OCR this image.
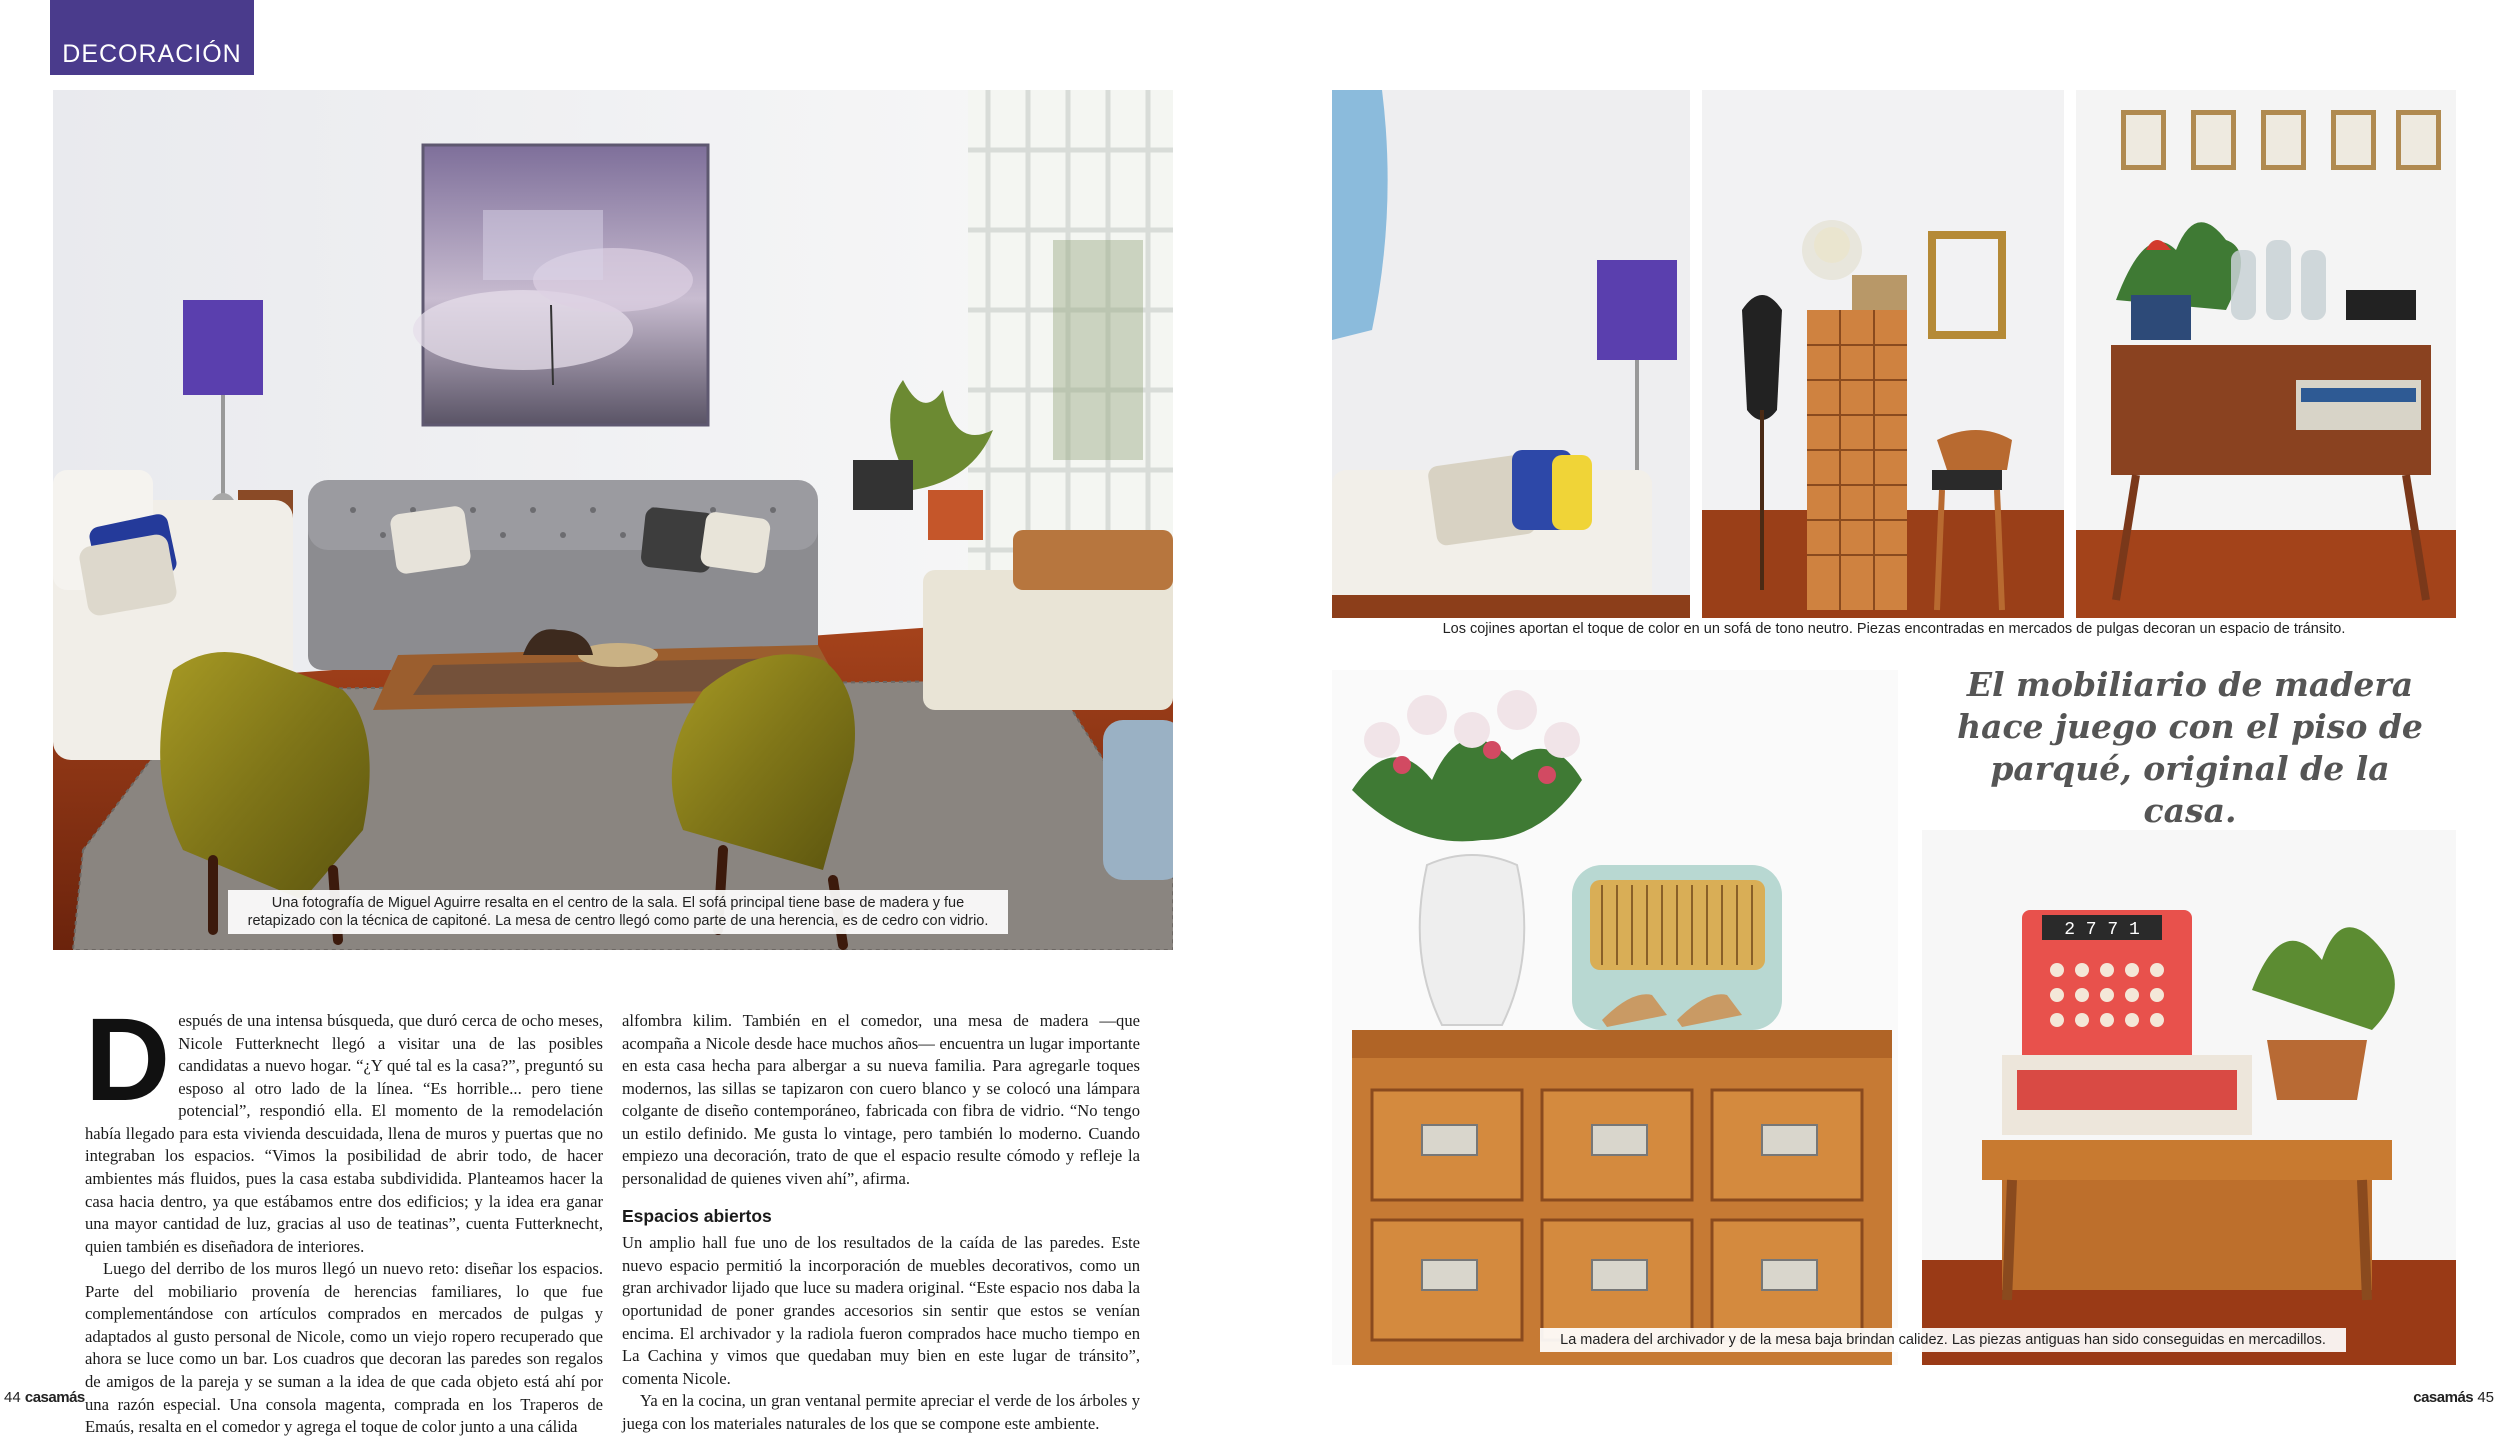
DECORACIÓN
Una fotografía de Miguel Aguirre resalta en el centro de la sala. El sofá principal tiene base de madera y fue retapizado con la técnica de capitoné. La mesa de centro llegó como parte de una herencia, es de cedro con vidrio.
Los cojines aportan el toque de color en un sofá de tono neutro. Piezas encontradas en mercados de pulgas decoran un espacio de tránsito.
El mobiliario de madera hace juego con el piso de parqué, original de la casa.
2 7 7 1
La madera del archivador y de la mesa baja brindan calidez. Las piezas antiguas han sido conseguidas en mercadillos.
D espués de una intensa búsqueda, que duró cerca de ocho meses, Nicole Futterknecht llegó a visitar una de las posibles candidatas a nuevo hogar. “¿Y qué tal es la casa?”, preguntó su esposo al otro lado de la línea. “Es horrible... pero tiene potencial”, respondió ella. El momento de la remodelación había llegado para esta vivienda descuidada, llena de muros y puertas que no integraban los espacios. “Vimos la posibilidad de abrir todo, de hacer ambientes más fluidos, pues la casa estaba subdividida. Planteamos hacer la casa hacia dentro, ya que estábamos entre dos edificios; y la idea era ganar una mayor cantidad de luz, gracias al uso de teatinas”, cuenta Futterknecht, quien también es diseñadora de interiores.

Luego del derribo de los muros llegó un nuevo reto: diseñar los espacios. Parte del mobiliario provenía de herencias familiares, lo que fue complementándose con artículos comprados en mercados de pulgas y adaptados al gusto personal de Nicole, como un viejo ropero recuperado que ahora se luce como un bar. Los cuadros que decoran las paredes son regalos de amigos de la pareja y se suman a la idea de que cada objeto está ahí por una razón especial. Una consola magenta, comprada en los Traperos de Emaús, resalta en el comedor y agrega el toque de color junto a una cálida

alfombra kilim. También en el comedor, una mesa de madera —que acompaña a Nicole desde hace muchos años— encuentra un lugar importante en esta casa hecha para albergar a su nueva familia. Para agregarle toques modernos, las sillas se tapizaron con cuero blanco y se colocó una lámpara colgante de diseño contemporáneo, fabricada con fibra de vidrio. “No tengo un estilo definido. Me gusta lo vintage, pero también lo moderno. Cuando empiezo una decoración, trato de que el espacio resulte cómodo y refleje la personalidad de quienes viven ahí”, afirma.

Espacios abiertos

Un amplio hall fue uno de los resultados de la caída de las paredes. Este nuevo espacio permitió la incorporación de muebles decorativos, como un gran archivador lijado que luce su madera original. “Este espacio nos daba la oportunidad de poner grandes accesorios sin sentir que estos se venían encima. El archivador y la radiola fueron comprados hace mucho tiempo en La Cachina y vimos que quedaban muy bien en este lugar de tránsito”, comenta Nicole.

Ya en la cocina, un gran ventanal permite apreciar el verde de los árboles y juega con los materiales naturales de los que se compone este ambiente.

44 casamás	casamás 45
